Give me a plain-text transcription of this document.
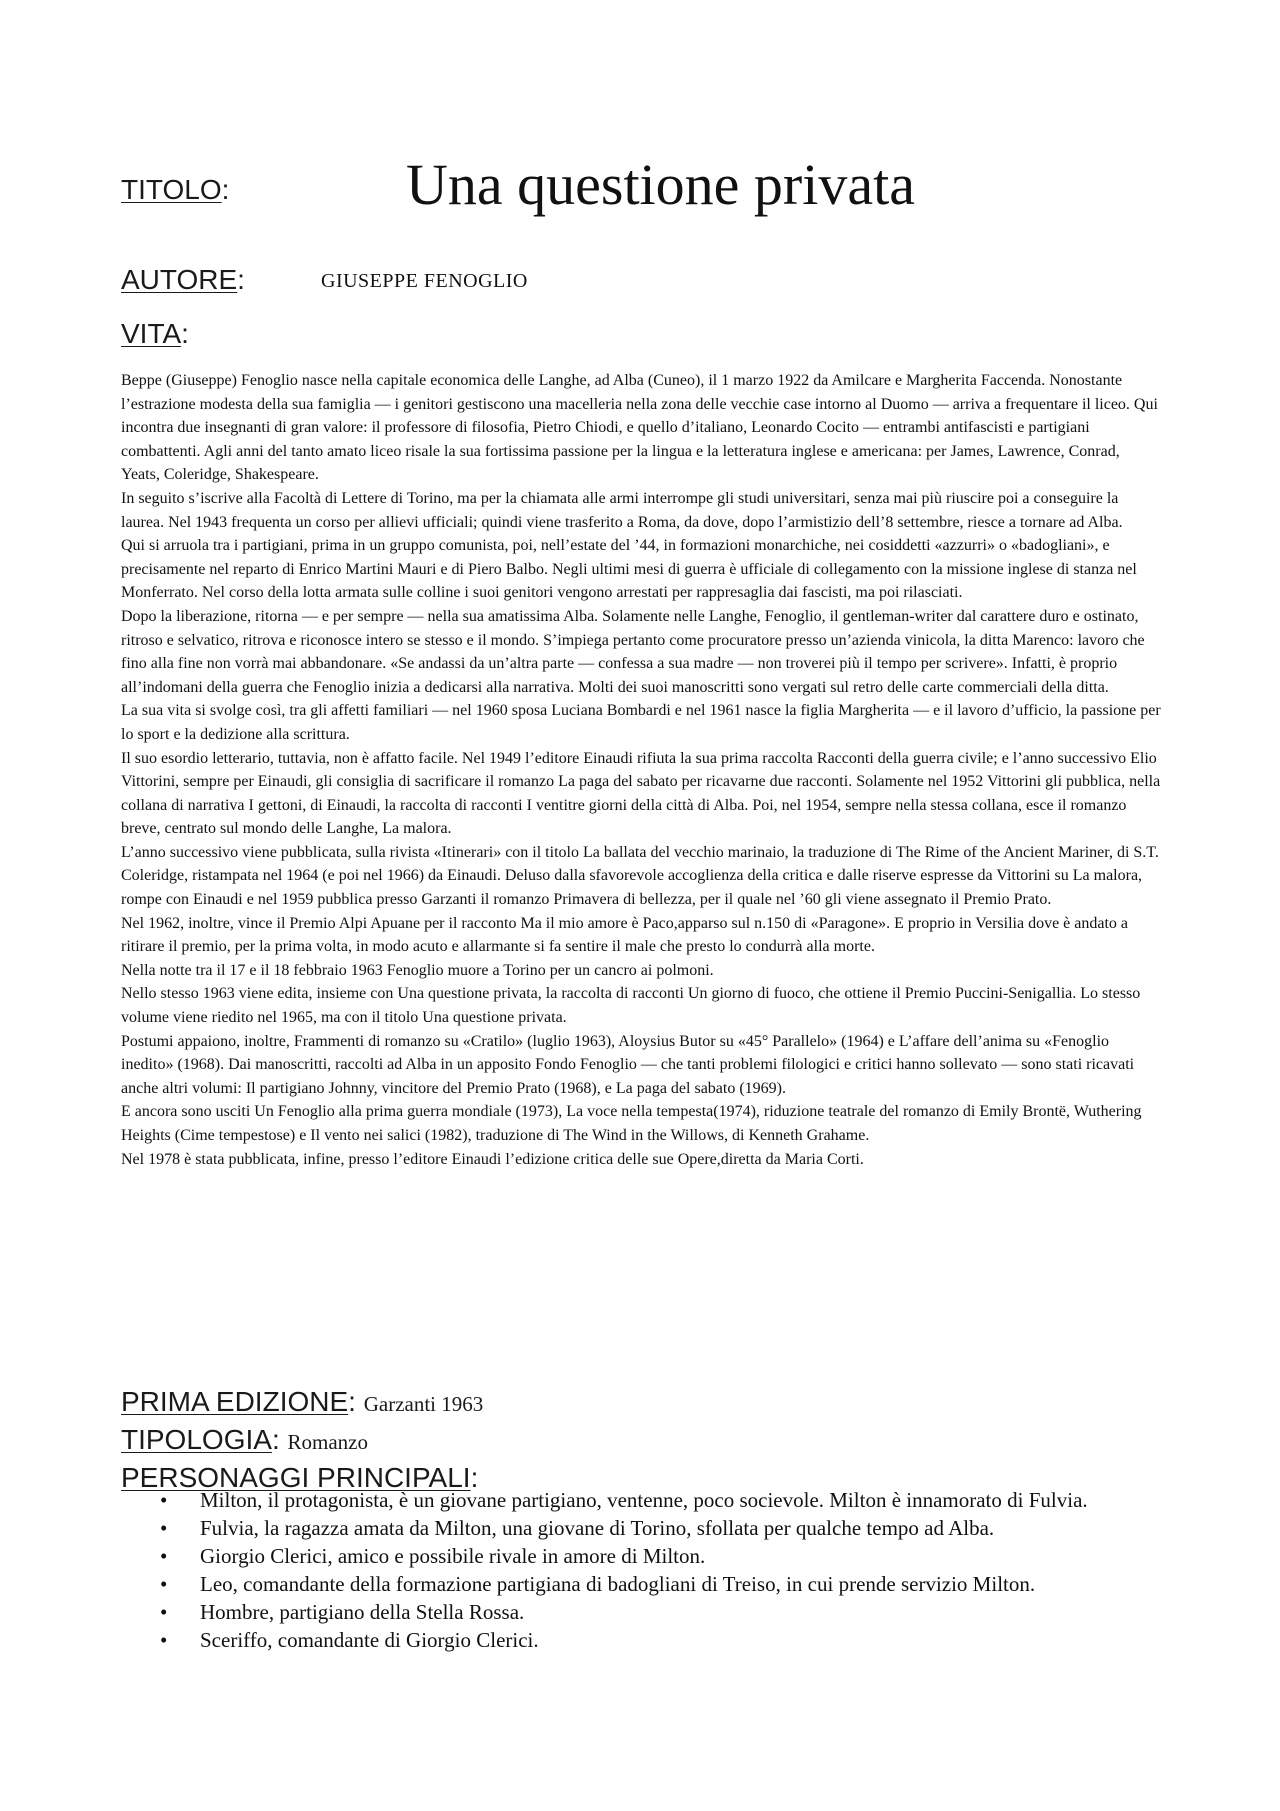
TITOLO:	Una questione privata
AUTORE:	GIUSEPPE FENOGLIO
VITA:

Beppe (Giuseppe) Fenoglio nasce nella capitale economica delle Langhe, ad Alba (Cuneo), il 1 marzo 1922 da Amilcare e Margherita Faccenda. Nonostante l’estrazione modesta della sua famiglia — i genitori gestiscono una macelleria nella zona delle vecchie case intorno al Duomo — arriva a frequentare il liceo. Qui incontra due insegnanti di gran valore: il professore di filosofia, Pietro Chiodi, e quello d’italiano, Leonardo Cocito — entrambi antifascisti e partigiani combattenti. Agli anni del tanto amato liceo risale la sua fortissima passione per la lingua e la letteratura inglese e americana: per James, Lawrence, Conrad, Yeats, Coleridge, Shakespeare.

In seguito s’iscrive alla Facoltà di Lettere di Torino, ma per la chiamata alle armi interrompe gli studi universitari, senza mai più riuscire poi a conseguire la laurea. Nel 1943 frequenta un corso per allievi ufficiali; quindi viene trasferito a Roma, da dove, dopo l’armistizio dell’8 settembre, riesce a tornare ad Alba.

Qui si arruola tra i partigiani, prima in un gruppo comunista, poi, nell’estate del ’44, in formazioni monarchiche, nei cosiddetti «azzurri» o «badogliani», e precisamente nel reparto di Enrico Martini Mauri e di Piero Balbo. Negli ultimi mesi di guerra è ufficiale di collegamento con la missione inglese di stanza nel Monferrato. Nel corso della lotta armata sulle colline i suoi genitori vengono arrestati per rappresaglia dai fascisti, ma poi rilasciati.

Dopo la liberazione, ritorna — e per sempre — nella sua amatissima Alba. Solamente nelle Langhe, Fenoglio, il gentleman-writer dal carattere duro e ostinato, ritroso e selvatico, ritrova e riconosce intero se stesso e il mondo. S’impiega pertanto come procuratore presso un’azienda vinicola, la ditta Marenco: lavoro che fino alla fine non vorrà mai abbandonare. «Se andassi da un’altra parte — confessa a sua madre — non troverei più il tempo per scrivere». Infatti, è proprio all’indomani della guerra che Fenoglio inizia a dedicarsi alla narrativa. Molti dei suoi manoscritti sono vergati sul retro delle carte commerciali della ditta.

La sua vita si svolge così, tra gli affetti familiari — nel 1960 sposa Luciana Bombardi e nel 1961 nasce la figlia Margherita — e il lavoro d’ufficio, la passione per lo sport e la dedizione alla scrittura.

Il suo esordio letterario, tuttavia, non è affatto facile. Nel 1949 l’editore Einaudi rifiuta la sua prima raccolta Racconti della guerra civile; e l’anno successivo Elio Vittorini, sempre per Einaudi, gli consiglia di sacrificare il romanzo La paga del sabato per ricavarne due racconti. Solamente nel 1952 Vittorini gli pubblica, nella collana di narrativa I gettoni, di Einaudi, la raccolta di racconti I ventitre giorni della città di Alba. Poi, nel 1954, sempre nella stessa collana, esce il romanzo breve, centrato sul mondo delle Langhe, La malora.

L’anno successivo viene pubblicata, sulla rivista «Itinerari» con il titolo La ballata del vecchio marinaio, la traduzione di The Rime of the Ancient Mariner, di S.T. Coleridge, ristampata nel 1964 (e poi nel 1966) da Einaudi. Deluso dalla sfavorevole accoglienza della critica e dalle riserve espresse da Vittorini su La malora, rompe con Einaudi e nel 1959 pubblica presso Garzanti il romanzo Primavera di bellezza, per il quale nel ’60 gli viene assegnato il Premio Prato.

Nel 1962, inoltre, vince il Premio Alpi Apuane per il racconto Ma il mio amore è Paco,apparso sul n.150 di «Paragone». E proprio in Versilia dove è andato a ritirare il premio, per la prima volta, in modo acuto e allarmante si fa sentire il male che presto lo condurrà alla morte.

Nella notte tra il 17 e il 18 febbraio 1963 Fenoglio muore a Torino per un cancro ai polmoni.

Nello stesso 1963 viene edita, insieme con Una questione privata, la raccolta di racconti Un giorno di fuoco, che ottiene il Premio Puccini-Senigallia. Lo stesso volume viene riedito nel 1965, ma con il titolo Una questione privata.

Postumi appaiono, inoltre, Frammenti di romanzo su «Cratilo» (luglio 1963), Aloysius Butor su «45° Parallelo» (1964) e L’affare dell’anima su «Fenoglio inedito» (1968). Dai manoscritti, raccolti ad Alba in un apposito Fondo Fenoglio — che tanti problemi filologici e critici hanno sollevato — sono stati ricavati anche altri volumi: Il partigiano Johnny, vincitore del Premio Prato (1968), e La paga del sabato (1969).

E ancora sono usciti Un Fenoglio alla prima guerra mondiale (1973), La voce nella tempesta(1974), riduzione teatrale del romanzo di Emily Brontë, Wuthering Heights (Cime tempestose) e Il vento nei salici (1982), traduzione di The Wind in the Willows, di Kenneth Grahame.

Nel 1978 è stata pubblicata, infine, presso l’editore Einaudi l’edizione critica delle sue Opere,diretta da Maria Corti.

PRIMA EDIZIONE: Garzanti 1963
TIPOLOGIA: Romanzo
PERSONAGGI PRINCIPALI:
• Milton, il protagonista, è un giovane partigiano, ventenne, poco socievole. Milton è innamorato di Fulvia.
• Fulvia, la ragazza amata da Milton, una giovane di Torino, sfollata per qualche tempo ad Alba.
• Giorgio Clerici, amico e possibile rivale in amore di Milton.
• Leo, comandante della formazione partigiana di badogliani di Treiso, in cui prende servizio Milton.
• Hombre, partigiano della Stella Rossa.
• Sceriffo, comandante di Giorgio Clerici.
